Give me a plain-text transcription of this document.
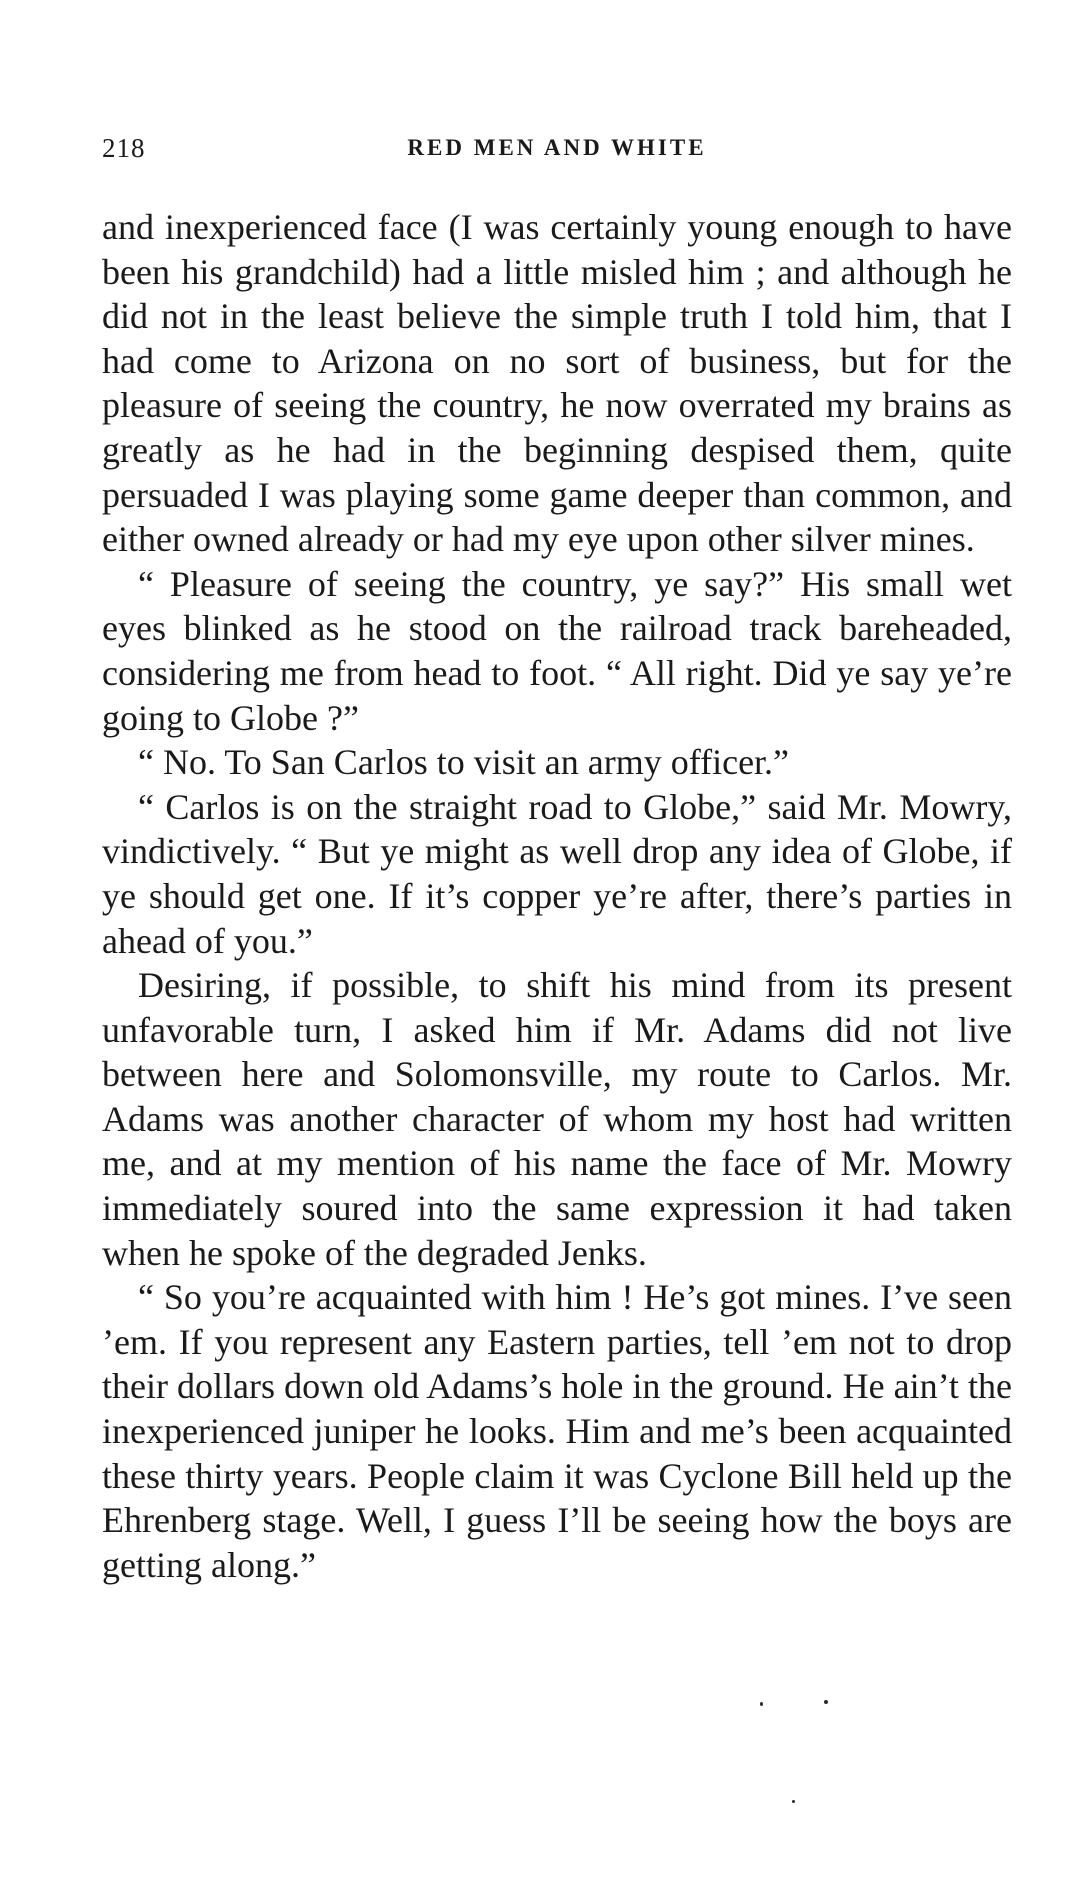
218	RED MEN AND WHITE

and inexperienced face (I was certainly young enough to have been his grandchild) had a little misled him ; and although he did not in the least believe the simple truth I told him, that I had come to Arizona on no sort of business, but for the pleasure of seeing the country, he now overrated my brains as greatly as he had in the beginning despised them, quite persuaded I was playing some game deeper than common, and either owned already or had my eye upon other silver mines.

“ Pleasure of seeing the country, ye say?” His small wet eyes blinked as he stood on the railroad track bareheaded, considering me from head to foot. “ All right. Did ye say ye’re going to Globe ?”

“ No. To San Carlos to visit an army officer.”

“ Carlos is on the straight road to Globe,” said Mr. Mowry, vindictively. “ But ye might as well drop any idea of Globe, if ye should get one. If it’s copper ye’re after, there’s parties in ahead of you.”

Desiring, if possible, to shift his mind from its present unfavorable turn, I asked him if Mr. Adams did not live between here and Solomonsville, my route to Carlos. Mr. Adams was another character of whom my host had written me, and at my mention of his name the face of Mr. Mowry immediately soured into the same expression it had taken when he spoke of the degraded Jenks.

“ So you’re acquainted with him ! He’s got mines. I’ve seen ’em. If you represent any Eastern parties, tell ’em not to drop their dollars down old Adams’s hole in the ground. He ain’t the inexperienced juniper he looks. Him and me’s been acquainted these thirty years. People claim it was Cyclone Bill held up the Ehrenberg stage. Well, I guess I’ll be seeing how the boys are getting along.”
